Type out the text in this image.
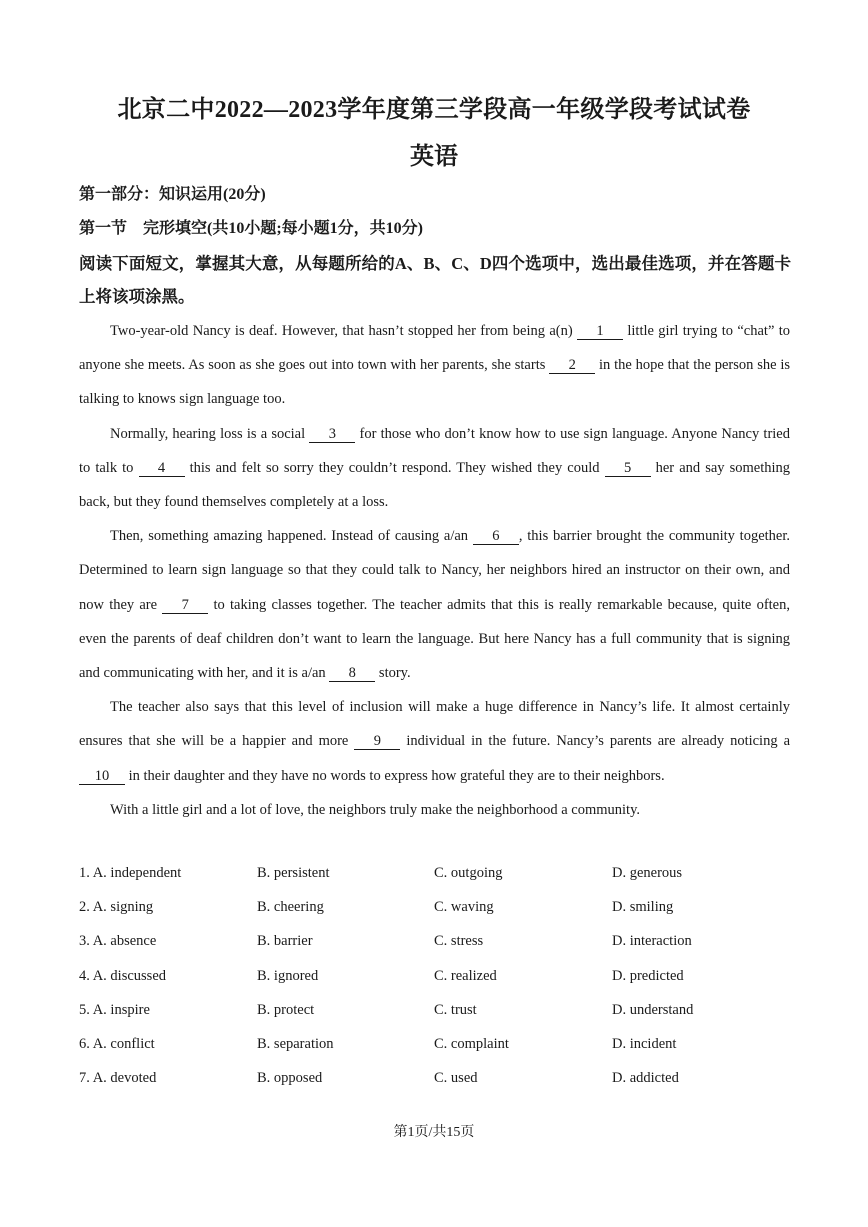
北京二中2022—2023学年度第三学段高一年级学段考试试卷
英语
第一部分：知识运用(20分)
第一节　完形填空(共10小题;每小题1分，共10分)
阅读下面短文，掌握其大意，从每题所给的A、B、C、D四个选项中，选出最佳选项，并在答题卡上将该项涂黑。

Two-year-old Nancy is deaf. However, that hasn’t stopped her from being a(n) 1 little girl trying to “chat” to anyone she meets. As soon as she goes out into town with her parents, she starts 2 in the hope that the person she is talking to knows sign language too.

Normally, hearing loss is a social 3 for those who don’t know how to use sign language. Anyone Nancy tried to talk to 4 this and felt so sorry they couldn’t respond. They wished they could 5 her and say something back, but they found themselves completely at a loss.

Then, something amazing happened. Instead of causing a/an 6 , this barrier brought the community together. Determined to learn sign language so that they could talk to Nancy, her neighbors hired an instructor on their own, and now they are 7 to taking classes together. The teacher admits that this is really remarkable because, quite often, even the parents of deaf children don’t want to learn the language. But here Nancy has a full community that is signing and communicating with her, and it is a/an 8 story.

The teacher also says that this level of inclusion will make a huge difference in Nancy’s life. It almost certainly ensures that she will be a happier and more 9 individual in the future. Nancy’s parents are already noticing a 10 in their daughter and they have no words to express how grateful they are to their neighbors.

With a little girl and a lot of love, the neighbors truly make the neighborhood a community.

1. A. independent	B. persistent	C. outgoing	D. generous
2. A. signing	B. cheering	C. waving	D. smiling
3. A. absence	B. barrier	C. stress	D. interaction
4. A. discussed	B. ignored	C. realized	D. predicted
5. A. inspire	B. protect	C. trust	D. understand
6. A. conflict	B. separation	C. complaint	D. incident
7. A. devoted	B. opposed	C. used	D. addicted
第1页/共15页
